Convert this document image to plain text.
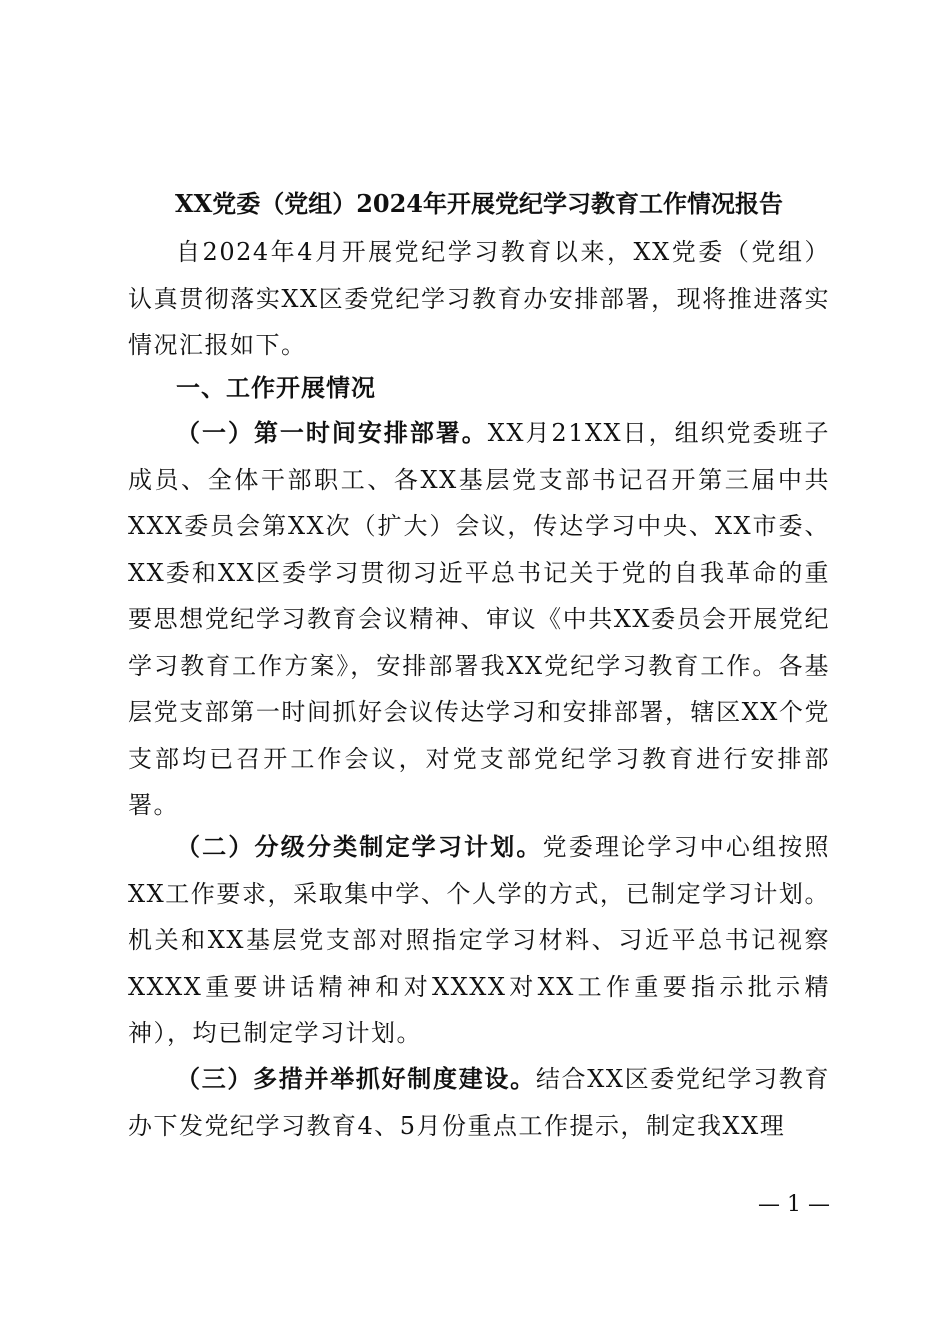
XX党委（党组）2024年开展党纪学习教育工作情况报告

自2024年4月开展党纪学习教育以来，XX党委（党组）认真贯彻落实XX区委党纪学习教育办安排部署，现将推进落实情况汇报如下。

一、工作开展情况

（一）第一时间安排部署。XX月21XX日，组织党委班子成员、全体干部职工、各XX基层党支部书记召开第三届中共XXX委员会第XX次（扩大）会议，传达学习中央、XX市委、XX委和XX区委学习贯彻习近平总书记关于党的自我革命的重要思想党纪学习教育会议精神、审议《中共XX委员会开展党纪学习教育工作方案》，安排部署我XX党纪学习教育工作。各基层党支部第一时间抓好会议传达学习和安排部署，辖区XX个党支部均已召开工作会议，对党支部党纪学习教育进行安排部署。

（二）分级分类制定学习计划。党委理论学习中心组按照XX工作要求，采取集中学、个人学的方式，已制定学习计划。机关和XX基层党支部对照指定学习材料、习近平总书记视察XXXX重要讲话精神和对XXXX对XX工作重要指示批示精神），均已制定学习计划。

（三）多措并举抓好制度建设。结合XX区委党纪学习教育办下发党纪学习教育4、5月份重点工作提示，制定我XX理

— 1 —
